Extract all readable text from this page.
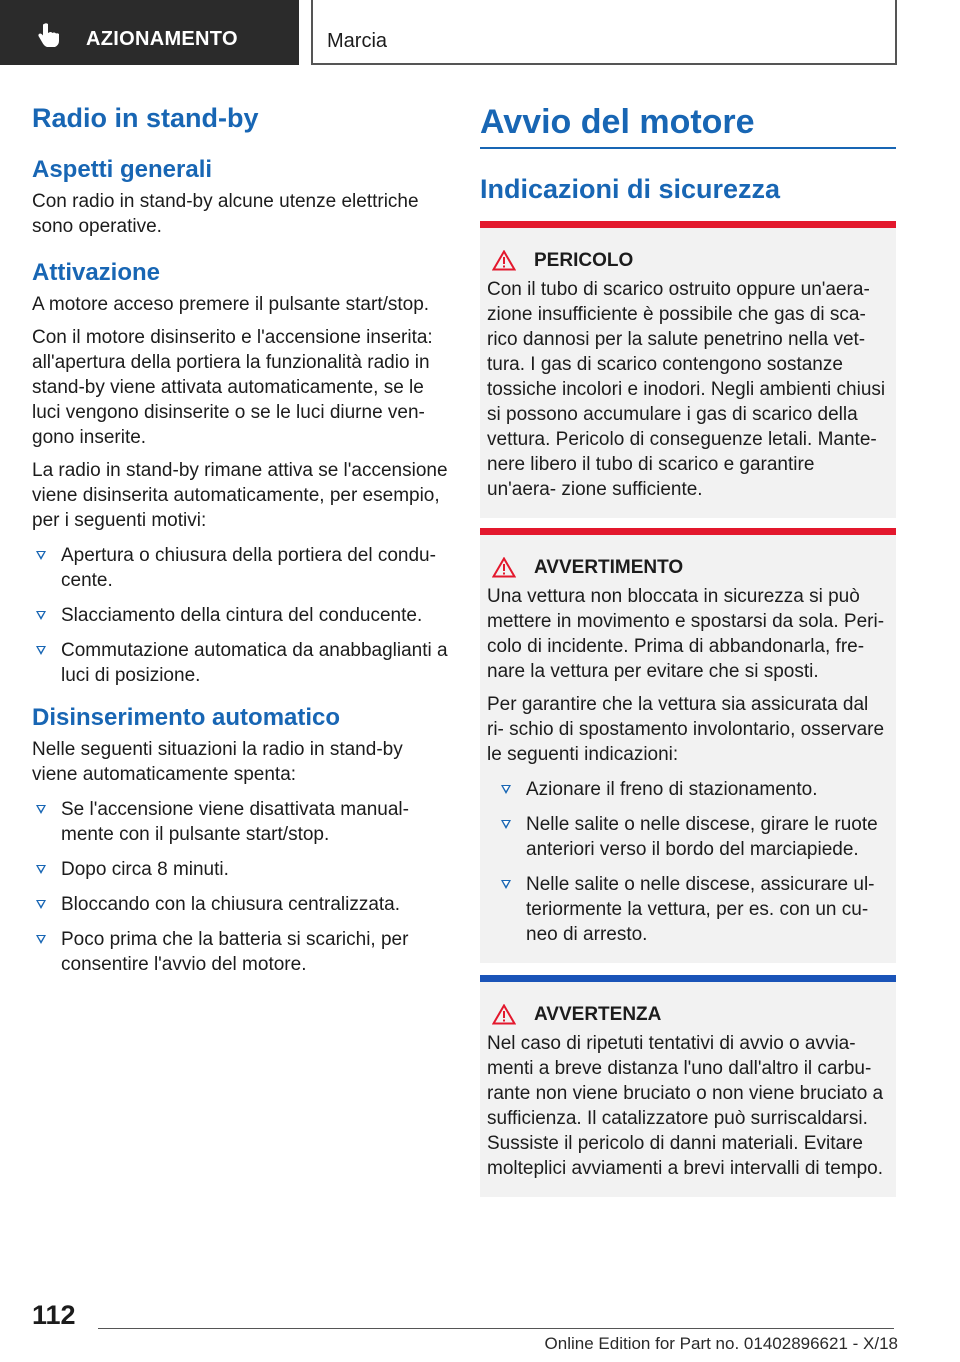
AZIONAMENTO	Marcia
Radio in stand-by
Aspetti generali

Con radio in stand-by alcune utenze elettriche sono operative.

Attivazione

A motore acceso premere il pulsante start/stop.

Con il motore disinserito e l'accensione inserita: all'apertura della portiera la funzionalità radio in stand-by viene attivata automaticamente, se le luci vengono disinserite o se le luci diurne ven‐ gono inserite.

La radio in stand-by rimane attiva se l'accensione viene disinserita automaticamente, per esempio, per i seguenti motivi:

Apertura o chiusura della portiera del condu‐ cente.
Slacciamento della cintura del conducente.
Commutazione automatica da anabbaglianti a luci di posizione.
Disinserimento automatico

Nelle seguenti situazioni la radio in stand-by viene automaticamente spenta:

Se l'accensione viene disattivata manual‐ mente con il pulsante start/stop.
Dopo circa 8 minuti.
Bloccando con la chiusura centralizzata.
Poco prima che la batteria si scarichi, per consentire l'avvio del motore.
Avvio del motore
Indicazioni di sicurezza
PERICOLO

Con il tubo di scarico ostruito oppure un'aera‐ zione insufficiente è possibile che gas di sca‐ rico dannosi per la salute penetrino nella vet‐ tura. I gas di scarico contengono sostanze tossiche incolori e inodori. Negli ambienti chiusi si possono accumulare i gas di scarico della vettura. Pericolo di conseguenze letali. Mante‐ nere libero il tubo di scarico e garantire un'aera‐ zione sufficiente.

AVVERTIMENTO

Una vettura non bloccata in sicurezza si può mettere in movimento e spostarsi da sola. Peri‐ colo di incidente. Prima di abbandonarla, fre‐ nare la vettura per evitare che si sposti.

Per garantire che la vettura sia assicurata dal ri‐ schio di spostamento involontario, osservare le seguenti indicazioni:

Azionare il freno di stazionamento.
Nelle salite o nelle discese, girare le ruote anteriori verso il bordo del marciapiede.
Nelle salite o nelle discese, assicurare ul‐ teriormente la vettura, per es. con un cu‐ neo di arresto.
AVVERTENZA

Nel caso di ripetuti tentativi di avvio o avvia‐ menti a breve distanza l'uno dall'altro il carbu‐ rante non viene bruciato o non viene bruciato a sufficienza. Il catalizzatore può surriscaldarsi. Sussiste il pericolo di danni materiali. Evitare molteplici avviamenti a brevi intervalli di tempo.

112
Online Edition for Part no. 01402896621 - X/18
